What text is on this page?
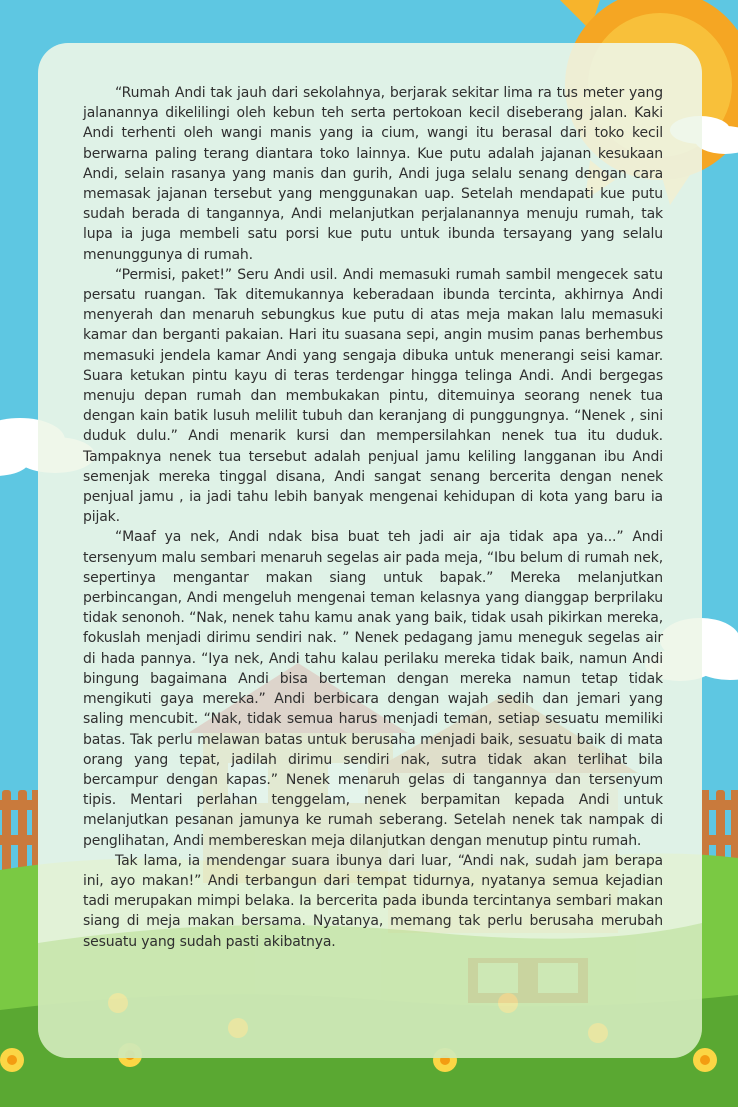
“Rumah Andi tak jauh dari sekolahnya, berjarak sekitar lima ra tus meter yang jalanannya dikelilingi oleh kebun teh serta pertokoan kecil diseberang jalan. Kaki Andi terhenti oleh wangi manis yang ia cium, wangi itu berasal dari toko kecil berwarna paling terang diantara toko lainnya. Kue putu adalah jajanan kesukaan Andi, selain rasanya yang manis dan gurih, Andi juga selalu senang dengan cara memasak jajanan tersebut yang menggunakan uap. Setelah mendapati kue putu sudah berada di tangannya, Andi melanjutkan perjalanannya menuju rumah, tak lupa ia juga membeli satu porsi kue putu untuk ibunda tersayang yang selalu menunggunya di rumah.

“Permisi, paket!” Seru Andi usil. Andi memasuki rumah sambil mengecek satu persatu ruangan. Tak ditemukannya keberadaan ibunda tercinta, akhirnya Andi menyerah dan menaruh sebungkus kue putu di atas meja makan lalu memasuki kamar dan berganti pakaian. Hari itu suasana sepi, angin musim panas berhembus memasuki jendela kamar Andi yang sengaja dibuka untuk menerangi seisi kamar. Suara ketukan pintu kayu di teras terdengar hingga telinga Andi. Andi bergegas menuju depan rumah dan membukakan pintu, ditemuinya seorang nenek tua dengan kain batik lusuh melilit tubuh dan keranjang di punggungnya. “Nenek , sini duduk dulu.” Andi menarik kursi dan mempersilahkan nenek tua itu duduk. Tampaknya nenek tua tersebut adalah penjual jamu keliling langganan ibu Andi semenjak mereka tinggal disana, Andi sangat senang bercerita dengan nenek penjual jamu , ia jadi tahu lebih banyak mengenai kehidupan di kota yang baru ia pijak.

“Maaf ya nek, Andi ndak bisa buat teh jadi air aja tidak apa ya...” Andi tersenyum malu sembari menaruh segelas air pada meja, “Ibu belum di rumah nek, sepertinya mengantar makan siang untuk bapak.” Mereka melanjutkan perbincangan, Andi mengeluh mengenai teman kelasnya yang dianggap berprilaku tidak senonoh. “Nak, nenek tahu kamu anak yang baik, tidak usah pikirkan mereka, fokuslah menjadi dirimu sendiri nak. ” Nenek pedagang jamu meneguk segelas air di hada pannya. “Iya nek, Andi tahu kalau perilaku mereka tidak baik, namun Andi bingung bagaimana Andi bisa berteman dengan mereka namun tetap tidak mengikuti gaya mereka.” Andi berbicara dengan wajah sedih dan jemari yang saling mencubit. “Nak, tidak semua harus menjadi teman, setiap sesuatu memiliki batas. Tak perlu melawan batas untuk berusaha menjadi baik, sesuatu baik di mata orang yang tepat, jadilah dirimu sendiri nak, sutra tidak akan terlihat bila bercampur dengan kapas.” Nenek menaruh gelas di tangannya dan tersenyum tipis. Mentari perlahan tenggelam, nenek berpamitan kepada Andi untuk melanjutkan pesanan jamunya ke rumah seberang. Setelah nenek tak nampak di penglihatan, Andi membereskan meja dilanjutkan dengan menutup pintu rumah.

Tak lama, ia mendengar suara ibunya dari luar, “Andi nak, sudah jam berapa ini, ayo makan!” Andi terbangun dari tempat tidurnya, nyatanya semua kejadian tadi merupakan mimpi belaka. Ia bercerita pada ibunda tercintanya sembari makan siang di meja makan bersama. Nyatanya, memang tak perlu berusaha merubah sesuatu yang sudah pasti akibatnya.
